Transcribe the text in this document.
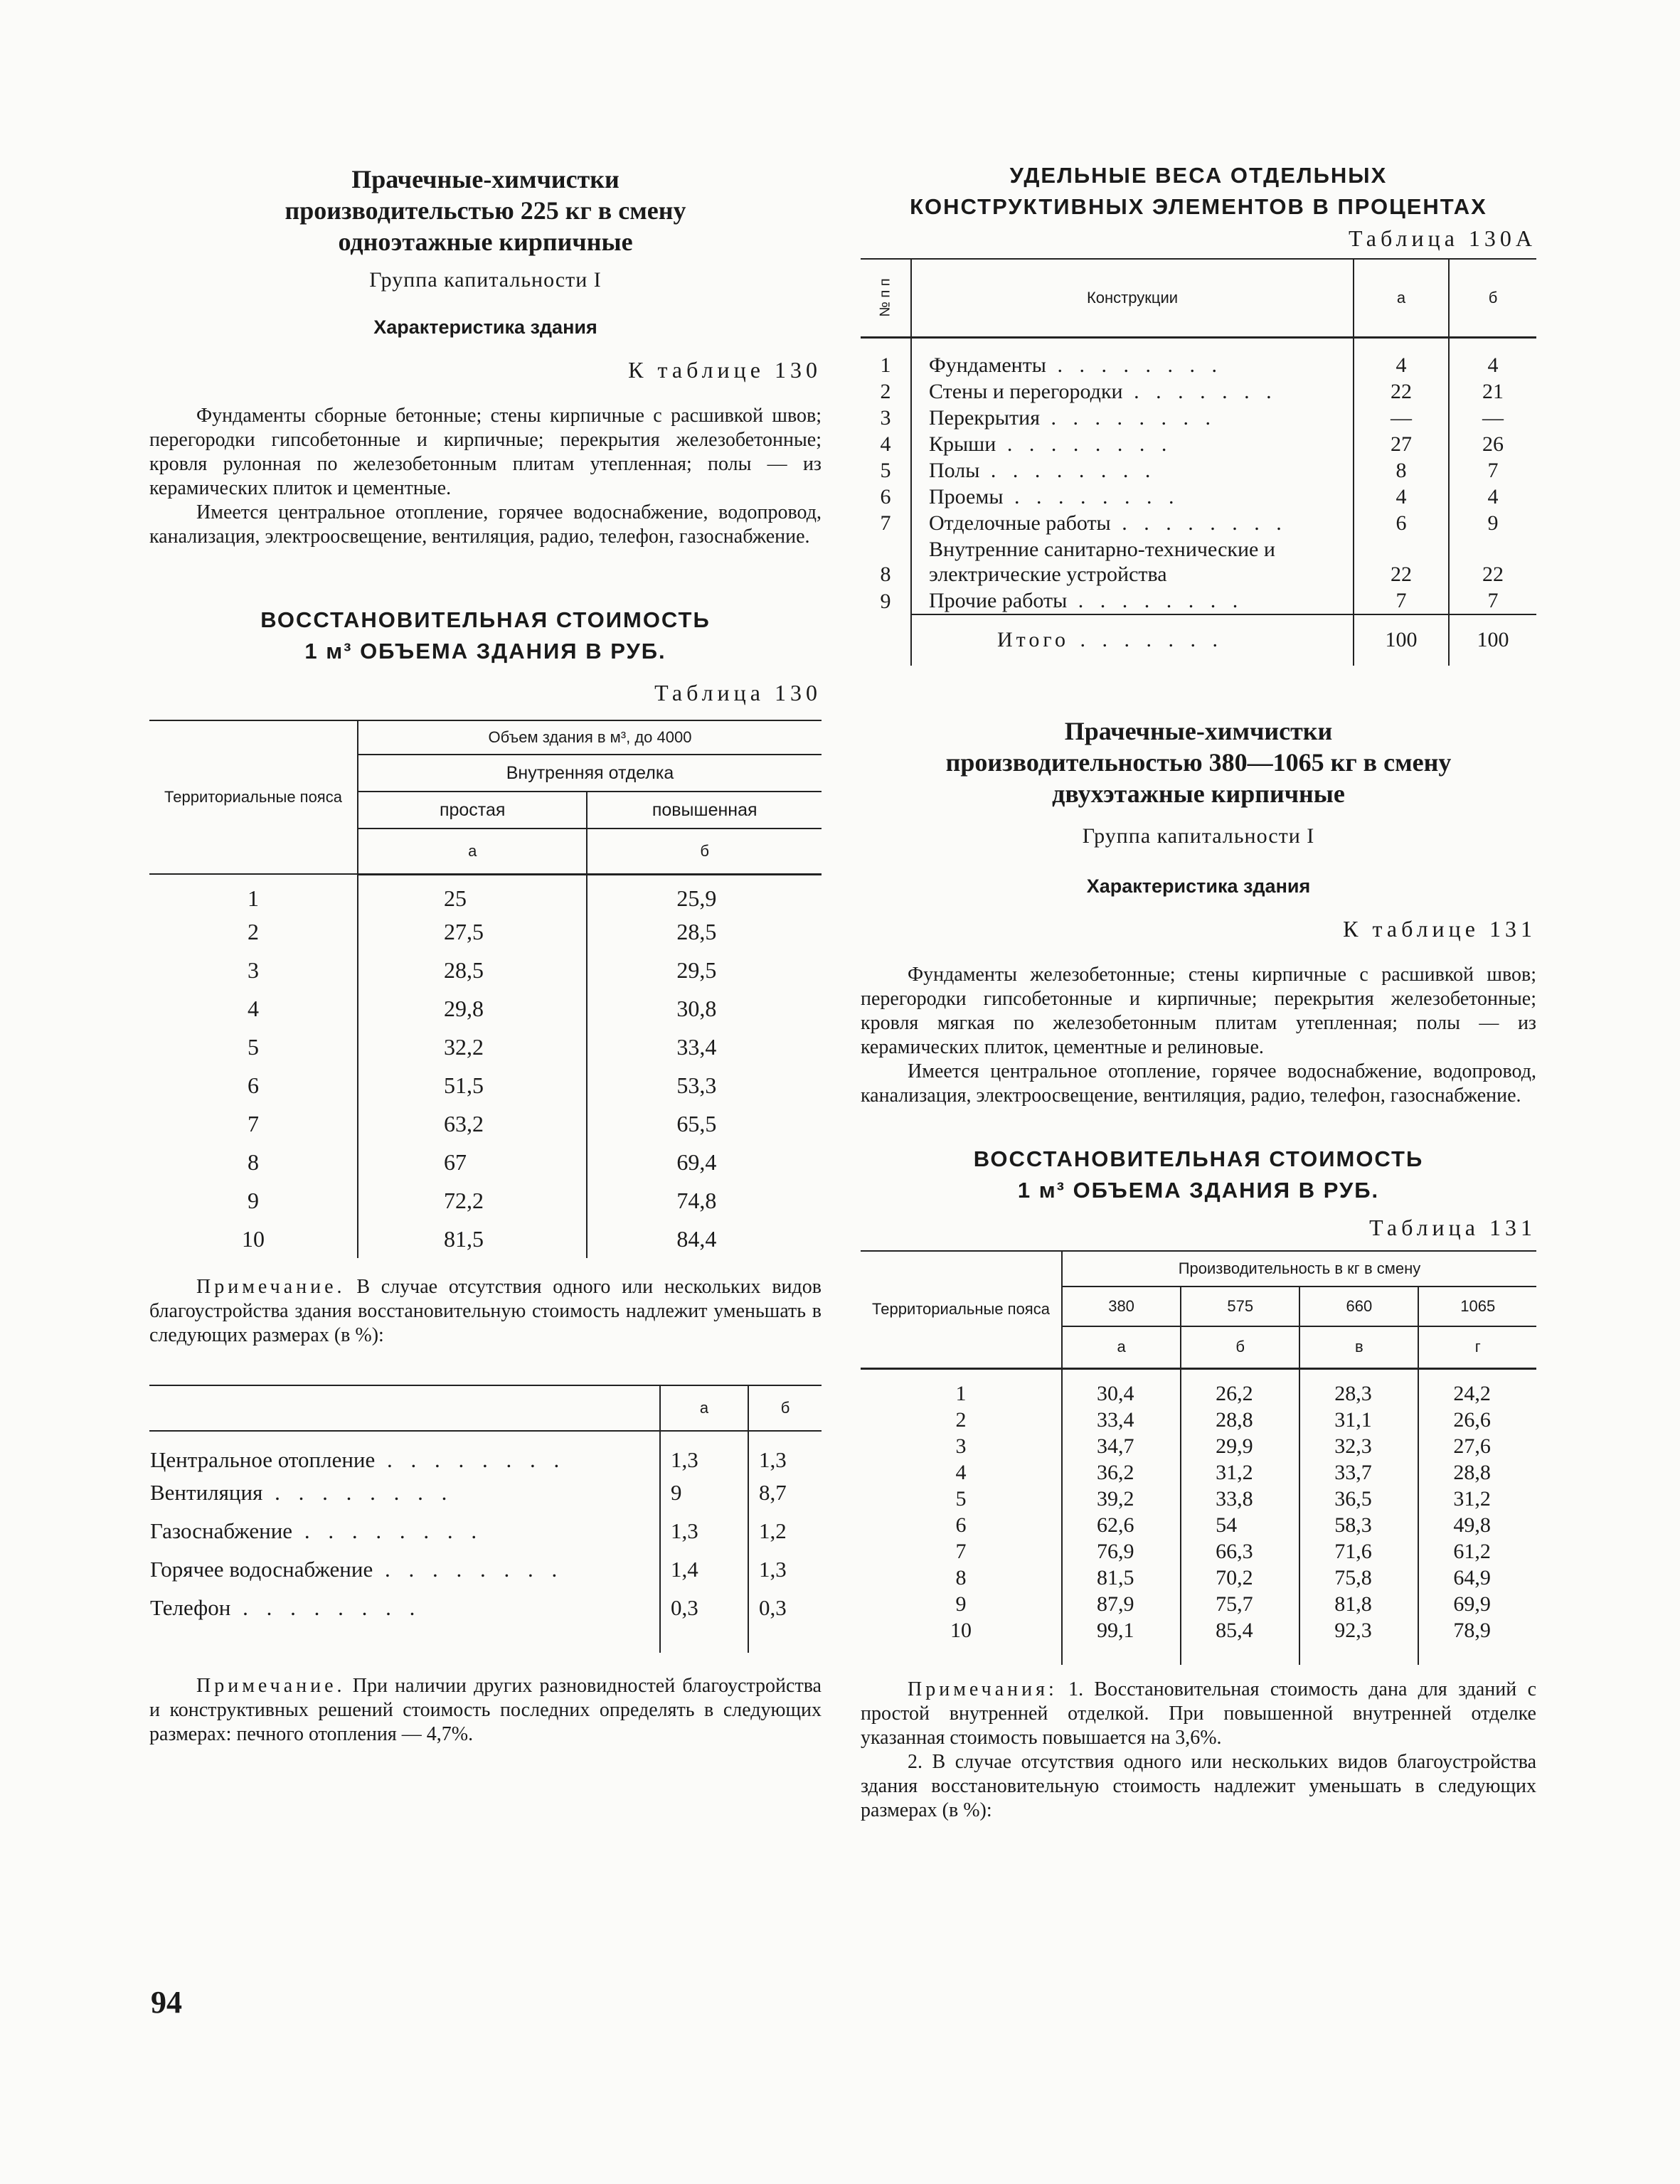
Прачечные-химчистки

производительстью 225 кг в смену

одноэтажные кирпичные

Группа капитальности I

Характеристика здания

К таблице 130

Фундаменты сборные бетонные; стены кирпичные с расшивкой швов; перегородки гипсобетонные и кирпичные; перекрытия железобетонные; кровля рулонная по железобетонным плитам утепленная; полы — из керамических плиток и цементные.

Имеется центральное отопление, горячее водоснабжение, водопровод, канализация, электроосвещение, вентиляция, радио, телефон, газоснабжение.

ВОССТАНОВИТЕЛЬНАЯ СТОИМОСТЬ

1 м³ ОБЪЕМА ЗДАНИЯ В РУБ.

Таблица 130

Территориальные пояса	Объем здания в м³, до 4000	
	Внутренняя отделка	
	простая	повышенная
	а	б
1	25	25,9
2	27,5	28,5
3	28,5	29,5
4	29,8	30,8
5	32,2	33,4
6	51,5	53,3
7	63,2	65,5
8	67	69,4
9	72,2	74,8
10	81,5	84,4

Примечание. В случае отсутствия одного или нескольких видов благоустройства здания восстановительную стоимость надлежит уменьшать в следующих размерах (в %):

	а	б
Центральное отопление . . . . . . . .	1,3	1,3
Вентиляция . . . . . . . .	9	8,7
Газоснабжение . . . . . . . .	1,3	1,2
Горячее водоснабжение . . . . . . . .	1,4	1,3
Телефон . . . . . . . .	0,3	0,3

Примечание. При наличии других разновидностей благоустройства и конструктивных решений стоимость последних определять в следующих размерах: печного отопления — 4,7%.

УДЕЛЬНЫЕ ВЕСА ОТДЕЛЬНЫХ

КОНСТРУКТИВНЫХ ЭЛЕМЕНТОВ В ПРОЦЕНТАХ

Таблица 130А

№ п п	Конструкции	а	б
1	Фундаменты . . . . . . . .	4	4
2	Стены и перегородки . . . . . . .	22	21
3	Перекрытия . . . . . . . .	—	—
4	Крыши . . . . . . . .	27	26
5	Полы . . . . . . . .	8	7
6	Проемы . . . . . . . .	4	4
7	Отделочные работы . . . . . . . .	6	9
8	Внутренние санитарно-технические и электрические устройства	22	22
9	Прочие работы . . . . . . . .	7	7
	Итого . . . . . . .	100	100

Прачечные-химчистки

производительностью 380—1065 кг в смену

двухэтажные кирпичные

Группа капитальности I

Характеристика здания

К таблице 131

Фундаменты железобетонные; стены кирпичные с расшивкой швов; перегородки гипсобетонные и кирпичные; перекрытия железобетонные; кровля мягкая по железобетонным плитам утепленная; полы — из керамических плиток, цементные и релиновые.

Имеется центральное отопление, горячее водоснабжение, водопровод, канализация, электроосвещение, вентиляция, радио, телефон, газоснабжение.

ВОССТАНОВИТЕЛЬНАЯ СТОИМОСТЬ

1 м³ ОБЪЕМА ЗДАНИЯ В РУБ.

Таблица 131

Территориальные пояса	Производительность в кг в смену			
	380	575	660	1065
	а	б	в	г
1	30,4	26,2	28,3	24,2
2	33,4	28,8	31,1	26,6
3	34,7	29,9	32,3	27,6
4	36,2	31,2	33,7	28,8
5	39,2	33,8	36,5	31,2
6	62,6	54	58,3	49,8
7	76,9	66,3	71,6	61,2
8	81,5	70,2	75,8	64,9
9	87,9	75,7	81,8	69,9
10	99,1	85,4	92,3	78,9

Примечания: 1. Восстановительная стоимость дана для зданий с простой внутренней отделкой. При повышенной внутренней отделке указанная стоимость повышается на 3,6%.

2. В случае отсутствия одного или нескольких видов благоустройства здания восстановительную стоимость надлежит уменьшать в следующих размерах (в %):

94
